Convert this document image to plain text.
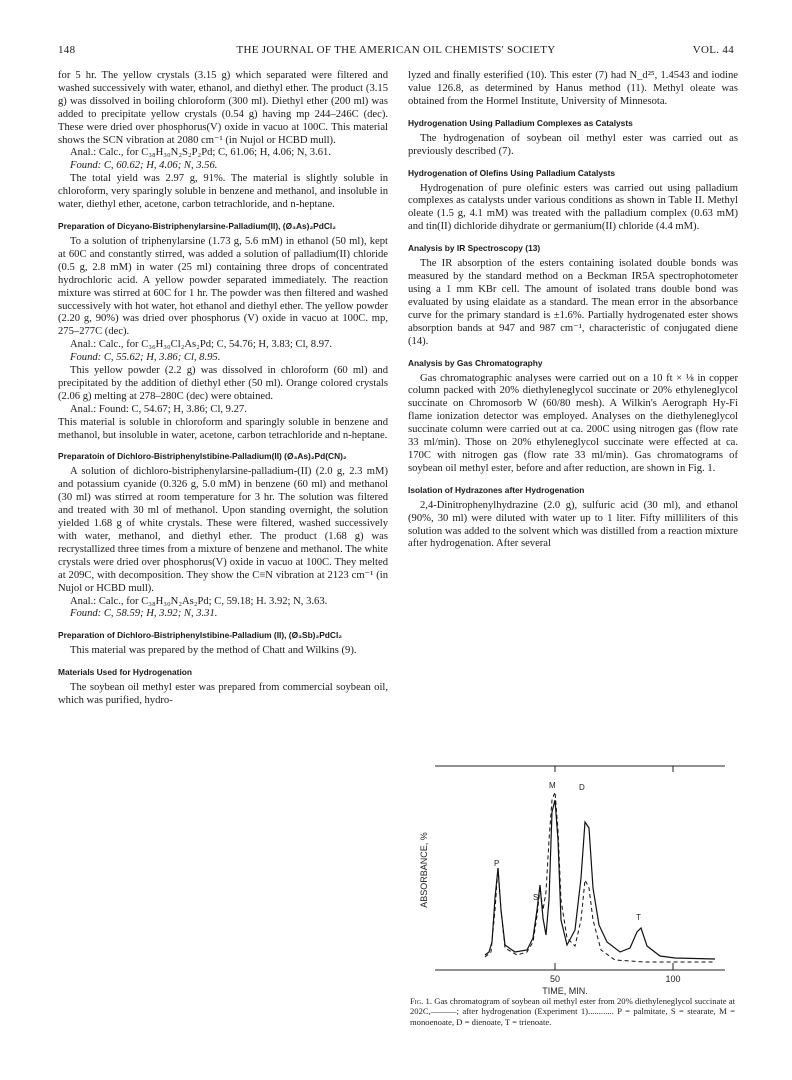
148	THE JOURNAL OF THE AMERICAN OIL CHEMISTS' SOCIETY	VOL. 44

for 5 hr. The yellow crystals (3.15 g) which separated were filtered and washed successively with water, ethanol, and diethyl ether. The product (3.15 g) was dissolved in boiling chloroform (300 ml). Diethyl ether (200 ml) was added to precipitate yellow crystals (0.54 g) having mp 244–246C (dec). These were dried over phosphorus(V) oxide in vacuo at 100C. This material shows the SCN vibration at 2080 cm⁻¹ (in Nujol or HCBD mull).

Anal.: Calc., for C₃₈H₃₀N₂S₂P₂Pd; C, 61.06; H, 4.06; N, 3.61.

Found: C, 60.62; H, 4.06; N, 3.56.

The total yield was 2.97 g, 91%. The material is slightly soluble in chloroform, very sparingly soluble in benzene and methanol, and insoluble in water, diethyl ether, acetone, carbon tetrachloride, and n-heptane.

Preparation of Dicyano-Bistriphenylarsine-Palladium(II), (Ø₃As)₂PdCl₂

To a solution of triphenylarsine (1.73 g, 5.6 mM) in ethanol (50 ml), kept at 60C and constantly stirred, was added a solution of palladium(II) chloride (0.5 g, 2.8 mM) in water (25 ml) containing three drops of concentrated hydrochloric acid. A yellow powder separated immediately. The reaction mixture was stirred at 60C for 1 hr. The powder was then filtered and washed successively with hot water, hot ethanol and diethyl ether. The yellow powder (2.20 g, 90%) was dried over phosphorus (V) oxide in vacuo at 100C. mp, 275–277C (dec).

Anal.: Calc., for C₃₆H₃₀Cl₂As₂Pd; C, 54.76; H, 3.83; Cl, 8.97.

Found: C, 55.62; H, 3.86; Cl, 8.95.

This yellow powder (2.2 g) was dissolved in chloroform (60 ml) and precipitated by the addition of diethyl ether (50 ml). Orange colored crystals (2.06 g) melting at 278–280C (dec) were obtained.

Anal.: Found: C, 54.67; H, 3.86; Cl, 9.27.

This material is soluble in chloroform and sparingly soluble in benzene and methanol, but insoluble in water, acetone, carbon tetrachloride and n-heptane.

Preparatoin of Dichloro-Bistriphenylstibine-Palladium(II) (Ø₃As)₂Pd(CN)₂

A solution of dichloro-bistriphenylarsine-palladium-(II) (2.0 g, 2.3 mM) and potassium cyanide (0.326 g, 5.0 mM) in benzene (60 ml) and methanol (30 ml) was stirred at room temperature for 3 hr. The solution was filtered and treated with 30 ml of methanol. Upon standing overnight, the solution yielded 1.68 g of white crystals. These were filtered, washed successively with water, methanol, and diethyl ether. The product (1.68 g) was recrystallized three times from a mixture of benzene and methanol. The white crystals were dried over phosphorus(V) oxide in vacuo at 100C. They melted at 209C, with decomposition. They show the C≡N vibration at 2123 cm⁻¹ (in Nujol or HCBD mull).

Anal.: Calc., for C₃₈H₃₀N₂As₂Pd; C, 59.18; H. 3.92; N, 3.63.

Found: C, 58.59; H, 3.92; N, 3.31.

Preparation of Dichloro-Bistriphenylstibine-Palladium (II), (Ø₃Sb)₂PdCl₂

This material was prepared by the method of Chatt and Wilkins (9).

Materials Used for Hydrogenation

The soybean oil methyl ester was prepared from commercial soybean oil, which was purified, hydro-

lyzed and finally esterified (10). This ester (7) had N_d²⁵, 1.4543 and iodine value 126.8, as determined by Hanus method (11). Methyl oleate was obtained from the Hormel Institute, University of Minnesota.

Hydrogenation Using Palladium Complexes as Catalysts

The hydrogenation of soybean oil methyl ester was carried out as previously described (7).

Hydrogenation of Olefins Using Palladium Catalysts

Hydrogenation of pure olefinic esters was carried out using palladium complexes as catalysts under various conditions as shown in Table II. Methyl oleate (1.5 g, 4.1 mM) was treated with the palladium complex (0.63 mM) and tin(II) dichloride dihydrate or germanium(II) chloride (4.4 mM).

Analysis by IR Spectroscopy (13)

The IR absorption of the esters containing isolated double bonds was measured by the standard method on a Beckman IR5A spectrophotometer using a 1 mm KBr cell. The amount of isolated trans double bond was evaluated by using elaidate as a standard. The mean error in the absorbance curve for the primary standard is ±1.6%. Partially hydrogenated ester shows absorption bands at 947 and 987 cm⁻¹, characteristic of conjugated diene (14).

Analysis by Gas Chromatography

Gas chromatographic analyses were carried out on a 10 ft × ⅛ in copper column packed with 20% diethyleneglycol succinate or 20% ethyleneglycol succinate on Chromosorb W (60/80 mesh). A Wilkin's Aerograph Hy-Fi flame ionization detector was employed. Analyses on the diethyleneglycol succinate column were carried out at ca. 200C using nitrogen gas (flow rate 33 ml/min). Those on 20% ethyleneglycol succinate were effected at ca. 170C with nitrogen gas (flow rate 33 ml/min). Gas chromatograms of soybean oil methyl ester, before and after reduction, are shown in Fig. 1.

Isolation of Hydrazones after Hydrogenation

2,4-Dinitrophenylhydrazine (2.0 g), sulfuric acid (30 ml), and ethanol (90%, 30 ml) were diluted with water up to 1 liter. Fifty milliliters of this solution was added to the solvent which was distilled from a reaction mixture after hydrogenation. After several

ABSORBANCE, %	P
S
M	D
T
50	100
TIME, MIN.
Fig. 1. Gas chromatogram of soybean oil methyl ester from 20% diethyleneglycol succinate at 202C,———; after hydrogenation (Experiment 1)............ P = palmitate, S = stearate, M = monoenoate, D = dienoate, T = trienoate.
